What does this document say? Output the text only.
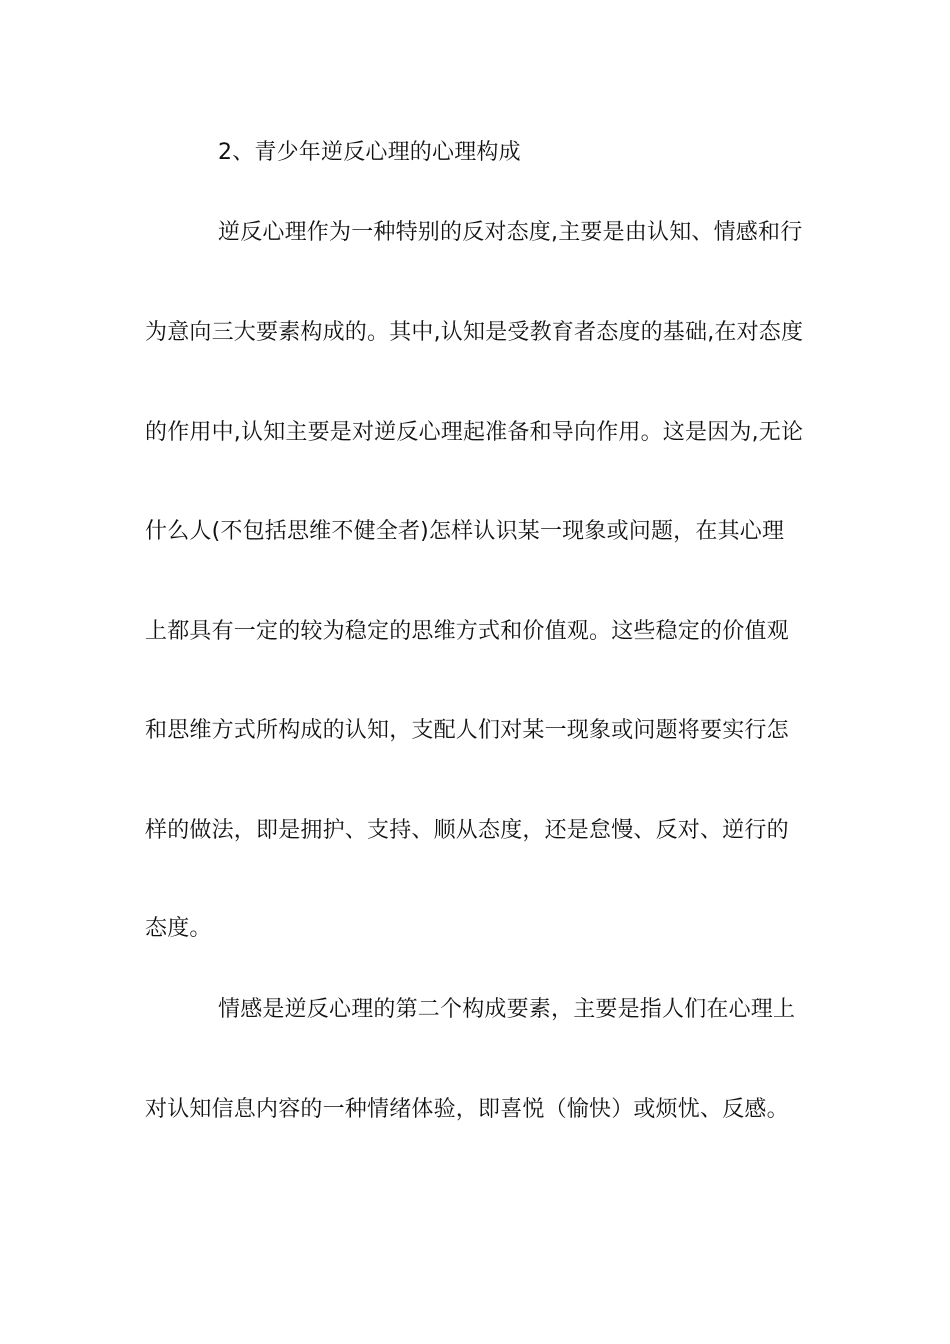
2、青少年逆反心理的心理构成
逆反心理作为一种特别的反对态度,主要是由认知、情感和行
为意向三大要素构成的。其中,认知是受教育者态度的基础,在对态度
的作用中,认知主要是对逆反心理起准备和导向作用。这是因为,无论
什么人(不包括思维不健全者)怎样认识某一现象或问题，在其心理
上都具有一定的较为稳定的思维方式和价值观。这些稳定的价值观
和思维方式所构成的认知，支配人们对某一现象或问题将要实行怎
样的做法，即是拥护、支持、顺从态度，还是怠慢、反对、逆行的
态度。
情感是逆反心理的第二个构成要素，主要是指人们在心理上
对认知信息内容的一种情绪体验，即喜悦（愉快）或烦忧、反感。
